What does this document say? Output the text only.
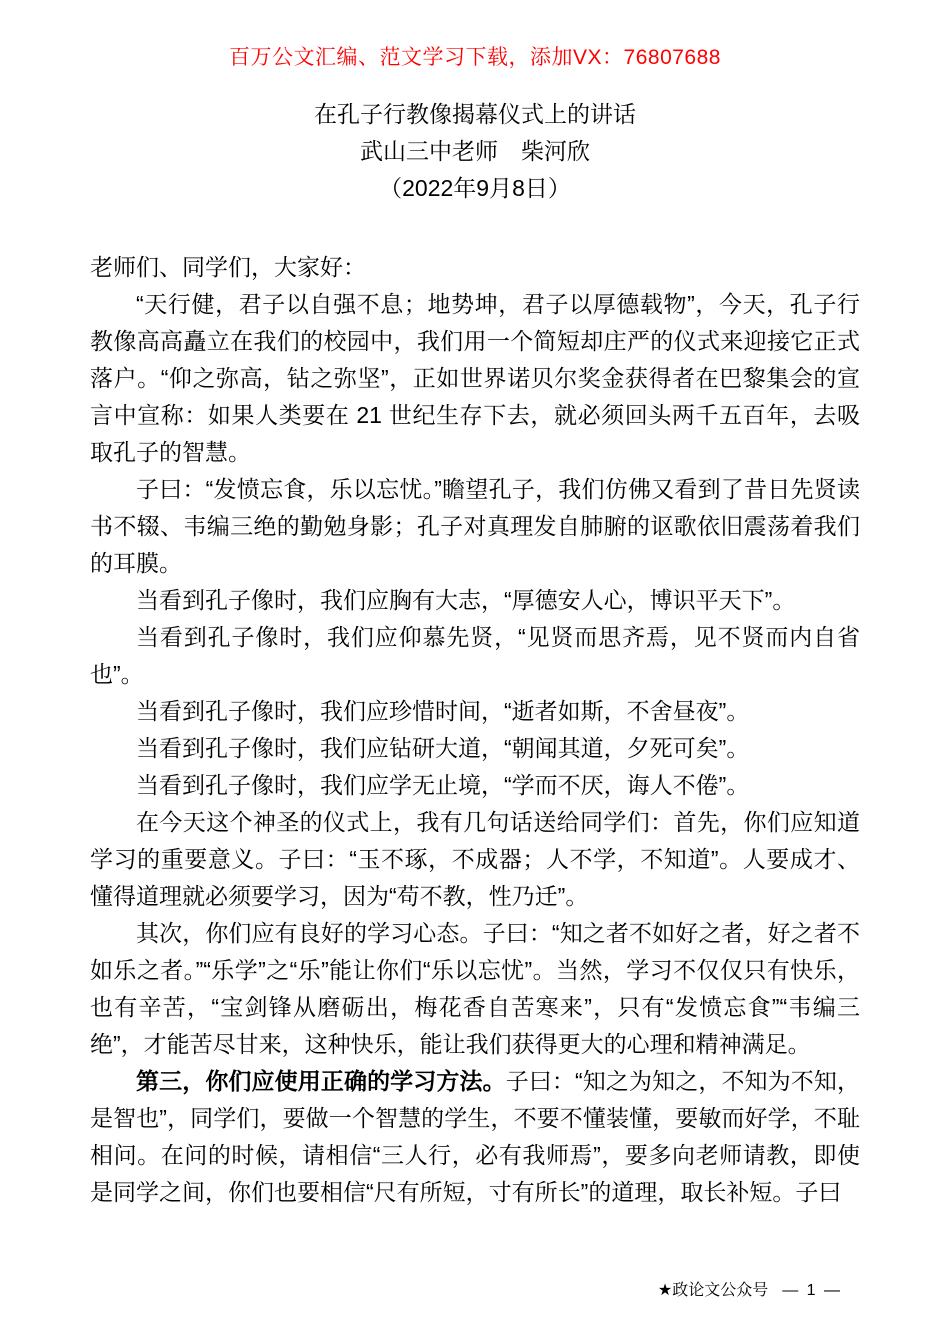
百万公文汇编、范文学习下载，添加VX：76807688
在孔子行教像揭幕仪式上的讲话
武山三中老师　柴河欣
（2022年9月8日）

老师们、同学们，大家好：

“天行健，君子以自强不息；地势坤，君子以厚德载物”，今天，孔子行教像高高矗立在我们的校园中，我们用一个简短却庄严的仪式来迎接它正式落户。“仰之弥高，钻之弥坚”，正如世界诺贝尔奖金获得者在巴黎集会的宣言中宣称：如果人类要在 21 世纪生存下去，就必须回头两千五百年，去吸取孔子的智慧。

子曰：“发愤忘食，乐以忘忧。”瞻望孔子，我们仿佛又看到了昔日先贤读书不辍、韦编三绝的勤勉身影；孔子对真理发自肺腑的讴歌依旧震荡着我们的耳膜。

当看到孔子像时，我们应胸有大志，“厚德安人心，博识平天下”。

当看到孔子像时，我们应仰慕先贤，“见贤而思齐焉，见不贤而内自省也”。

当看到孔子像时，我们应珍惜时间，“逝者如斯，不舍昼夜”。

当看到孔子像时，我们应钻研大道，“朝闻其道，夕死可矣”。

当看到孔子像时，我们应学无止境，“学而不厌，诲人不倦”。

在今天这个神圣的仪式上，我有几句话送给同学们：首先，你们应知道学习的重要意义。子曰：“玉不琢，不成器；人不学，不知道”。人要成才、懂得道理就必须要学习，因为“苟不教，性乃迁”。

其次，你们应有良好的学习心态。子曰：“知之者不如好之者，好之者不如乐之者。”“乐学”之“乐”能让你们“乐以忘忧”。当然，学习不仅仅只有快乐，也有辛苦，“宝剑锋从磨砺出，梅花香自苦寒来”，只有“发愤忘食”“韦编三绝”，才能苦尽甘来，这种快乐，能让我们获得更大的心理和精神满足。

第三，你们应使用正确的学习方法。子曰：“知之为知之，不知为不知，是智也”，同学们，要做一个智慧的学生，不要不懂装懂，要敏而好学，不耻相问。在问的时候，请相信“三人行，必有我师焉”，要多向老师请教，即使是同学之间，你们也要相信“尺有所短，寸有所长”的道理，取长补短。子曰

★政论文公众号 — 1 —
